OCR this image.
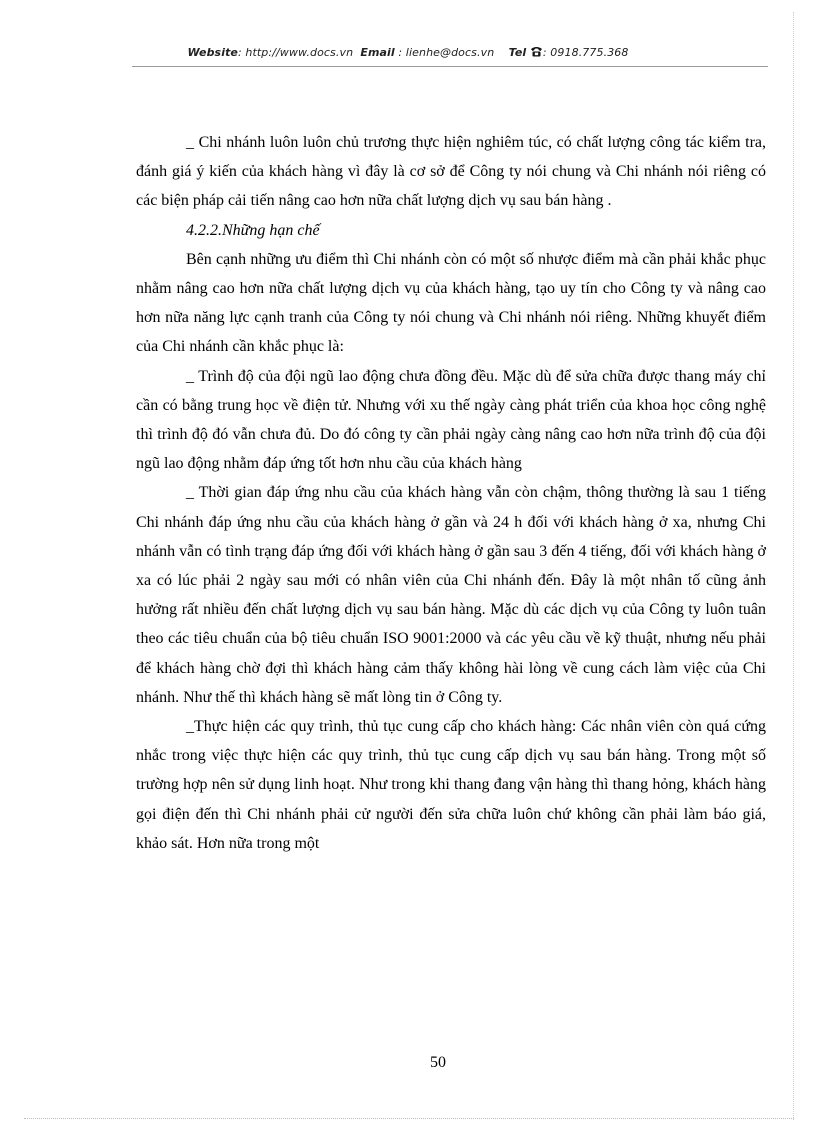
Website: http://www.docs.vn Email : lienhe@docs.vn Tel : 0918.775.368

_ Chi nhánh luôn luôn chủ trương thực hiện nghiêm túc, có chất lượng công tác kiểm tra, đánh giá ý kiến của khách hàng vì đây là cơ sở để Công ty nói chung và Chi nhánh nói riêng có các biện pháp cải tiến nâng cao hơn nữa chất lượng dịch vụ sau bán hàng .

4.2.2.Những hạn chế

Bên cạnh những ưu điểm thì Chi nhánh còn có một số nhược điểm mà cần phải khắc phục nhằm nâng cao hơn nữa chất lượng dịch vụ của khách hàng, tạo uy tín cho Công ty và nâng cao hơn nữa năng lực cạnh tranh của Công ty nói chung và Chi nhánh nói riêng. Những khuyết điểm của Chi nhánh cần khắc phục là:

_ Trình độ của đội ngũ lao động chưa đồng đều. Mặc dù để sửa chữa được thang máy chỉ cần có bằng trung học về điện tử. Nhưng với xu thế ngày càng phát triển của khoa học công nghệ thì trình độ đó vẫn chưa đủ. Do đó công ty cần phải ngày càng nâng cao hơn nữa trình độ của đội ngũ lao động nhằm đáp ứng tốt hơn nhu cầu của khách hàng

_ Thời gian đáp ứng nhu cầu của khách hàng vẫn còn chậm, thông thường là sau 1 tiếng Chi nhánh đáp ứng nhu cầu của khách hàng ở gần và 24 h đối với khách hàng ở xa, nhưng Chi nhánh vẫn có tình trạng đáp ứng đối với khách hàng ở gần sau 3 đến 4 tiếng, đối với khách hàng ở xa có lúc phải 2 ngày sau mới có nhân viên của Chi nhánh đến. Đây là một nhân tố cũng ảnh hưởng rất nhiều đến chất lượng dịch vụ sau bán hàng. Mặc dù các dịch vụ của Công ty luôn tuân theo các tiêu chuẩn của bộ tiêu chuẩn ISO 9001:2000 và các yêu cầu về kỹ thuật, nhưng nếu phải để khách hàng chờ đợi thì khách hàng cảm thấy không hài lòng về cung cách làm việc của Chi nhánh. Như thế thì khách hàng sẽ mất lòng tin ở Công ty.

_Thực hiện các quy trình, thủ tục cung cấp cho khách hàng: Các nhân viên còn quá cứng nhắc trong việc thực hiện các quy trình, thủ tục cung cấp dịch vụ sau bán hàng. Trong một số trường hợp nên sử dụng linh hoạt. Như trong khi thang đang vận hàng thì thang hỏng, khách hàng gọi điện đến thì Chi nhánh phải cử người đến sửa chữa luôn chứ không cần phải làm báo giá, khảo sát. Hơn nữa trong một

50
